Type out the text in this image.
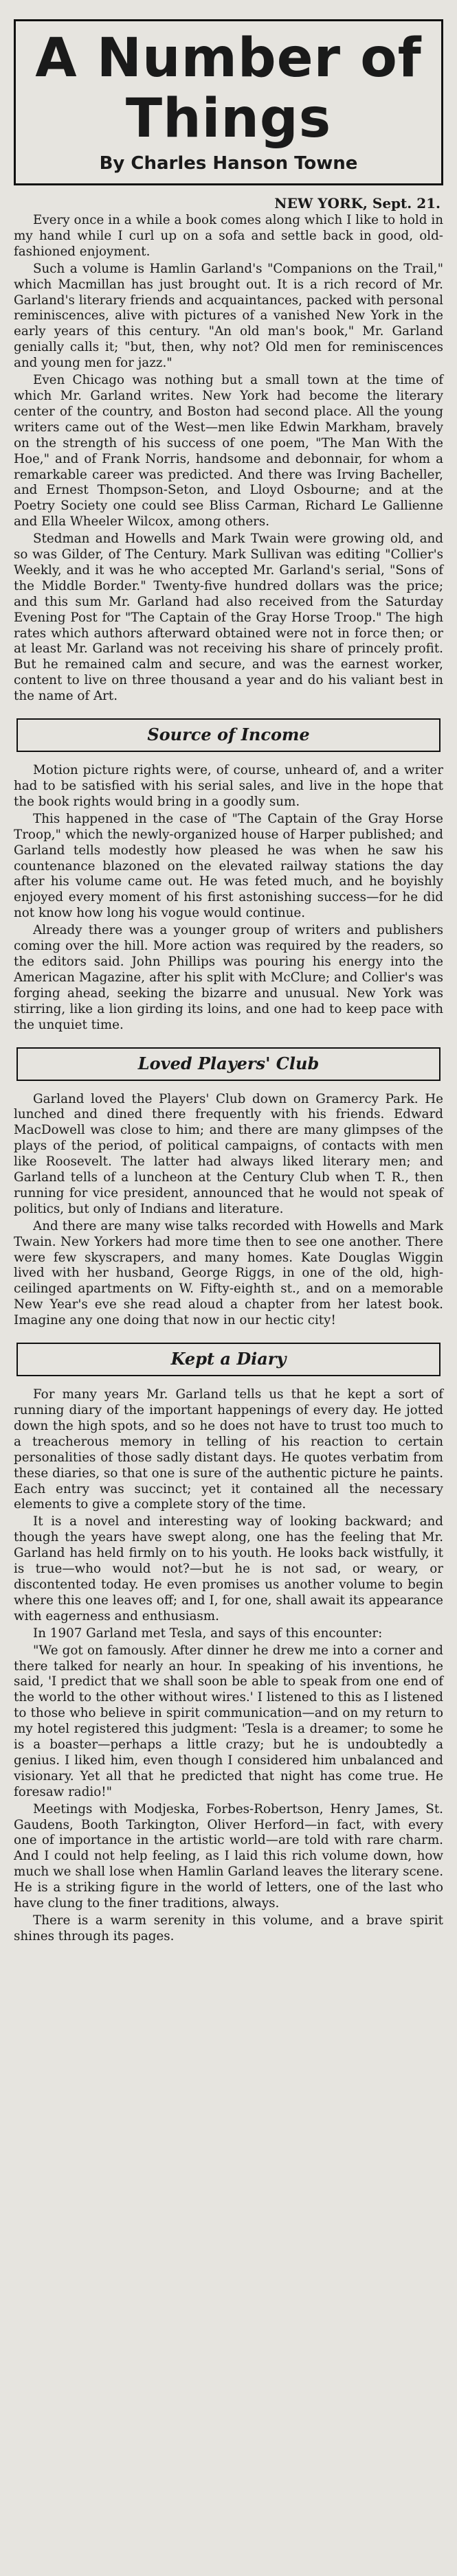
A Number of Things
By Charles Hanson Towne
NEW YORK, Sept. 21.

Every once in a while a book comes along which I like to hold in my hand while I curl up on a sofa and settle back in good, old-fashioned enjoyment.

Such a volume is Hamlin Garland's "Companions on the Trail," which Macmillan has just brought out. It is a rich record of Mr. Garland's literary friends and acquaintances, packed with personal reminiscences, alive with pictures of a vanished New York in the early years of this century. "An old man's book," Mr. Garland genially calls it; "but, then, why not? Old men for reminiscences and young men for jazz."

Even Chicago was nothing but a small town at the time of which Mr. Garland writes. New York had become the literary center of the country, and Boston had second place. All the young writers came out of the West—men like Edwin Markham, bravely on the strength of his success of one poem, "The Man With the Hoe," and of Frank Norris, handsome and debonnair, for whom a remarkable career was predicted. And there was Irving Bacheller, and Ernest Thompson-Seton, and Lloyd Osbourne; and at the Poetry Society one could see Bliss Carman, Richard Le Gallienne and Ella Wheeler Wilcox, among others.

Stedman and Howells and Mark Twain were growing old, and so was Gilder, of The Century. Mark Sullivan was editing "Collier's Weekly, and it was he who accepted Mr. Garland's serial, "Sons of the Middle Border." Twenty-five hundred dollars was the price; and this sum Mr. Garland had also received from the Saturday Evening Post for "The Captain of the Gray Horse Troop." The high rates which authors afterward obtained were not in force then; or at least Mr. Garland was not receiving his share of princely profit. But he remained calm and secure, and was the earnest worker, content to live on three thousand a year and do his valiant best in the name of Art.

Source of Income

Motion picture rights were, of course, unheard of, and a writer had to be satisfied with his serial sales, and live in the hope that the book rights would bring in a goodly sum.

This happened in the case of "The Captain of the Gray Horse Troop," which the newly-organized house of Harper published; and Garland tells modestly how pleased he was when he saw his countenance blazoned on the elevated railway stations the day after his volume came out. He was feted much, and he boyishly enjoyed every moment of his first astonishing success—for he did not know how long his vogue would continue.

Already there was a younger group of writers and publishers coming over the hill. More action was required by the readers, so the editors said. John Phillips was pouring his energy into the American Magazine, after his split with McClure; and Collier's was forging ahead, seeking the bizarre and unusual. New York was stirring, like a lion girding its loins, and one had to keep pace with the unquiet time.

Loved Players' Club

Garland loved the Players' Club down on Gramercy Park. He lunched and dined there frequently with his friends. Edward MacDowell was close to him; and there are many glimpses of the plays of the period, of political campaigns, of contacts with men like Roosevelt. The latter had always liked literary men; and Garland tells of a luncheon at the Century Club when T. R., then running for vice president, announced that he would not speak of politics, but only of Indians and literature.

And there are many wise talks recorded with Howells and Mark Twain. New Yorkers had more time then to see one another. There were few skyscrapers, and many homes. Kate Douglas Wiggin lived with her husband, George Riggs, in one of the old, high-ceilinged apartments on W. Fifty-eighth st., and on a memorable New Year's eve she read aloud a chapter from her latest book. Imagine any one doing that now in our hectic city!

Kept a Diary

For many years Mr. Garland tells us that he kept a sort of running diary of the important happenings of every day. He jotted down the high spots, and so he does not have to trust too much to a treacherous memory in telling of his reaction to certain personalities of those sadly distant days. He quotes verbatim from these diaries, so that one is sure of the authentic picture he paints. Each entry was succinct; yet it contained all the necessary elements to give a complete story of the time.

It is a novel and interesting way of looking backward; and though the years have swept along, one has the feeling that Mr. Garland has held firmly on to his youth. He looks back wistfully, it is true—who would not?—but he is not sad, or weary, or discontented today. He even promises us another volume to begin where this one leaves off; and I, for one, shall await its appearance with eagerness and enthusiasm.

In 1907 Garland met Tesla, and says of this encounter:

"We got on famously. After dinner he drew me into a corner and there talked for nearly an hour. In speaking of his inventions, he said, 'I predict that we shall soon be able to speak from one end of the world to the other without wires.' I listened to this as I listened to those who believe in spirit communication—and on my return to my hotel registered this judgment: 'Tesla is a dreamer; to some he is a boaster—perhaps a little crazy; but he is undoubtedly a genius. I liked him, even though I considered him unbalanced and visionary. Yet all that he predicted that night has come true. He foresaw radio!"

Meetings with Modjeska, Forbes-Robertson, Henry James, St. Gaudens, Booth Tarkington, Oliver Herford—in fact, with every one of importance in the artistic world—are told with rare charm. And I could not help feeling, as I laid this rich volume down, how much we shall lose when Hamlin Garland leaves the literary scene. He is a striking figure in the world of letters, one of the last who have clung to the finer traditions, always.

There is a warm serenity in this volume, and a brave spirit shines through its pages.
